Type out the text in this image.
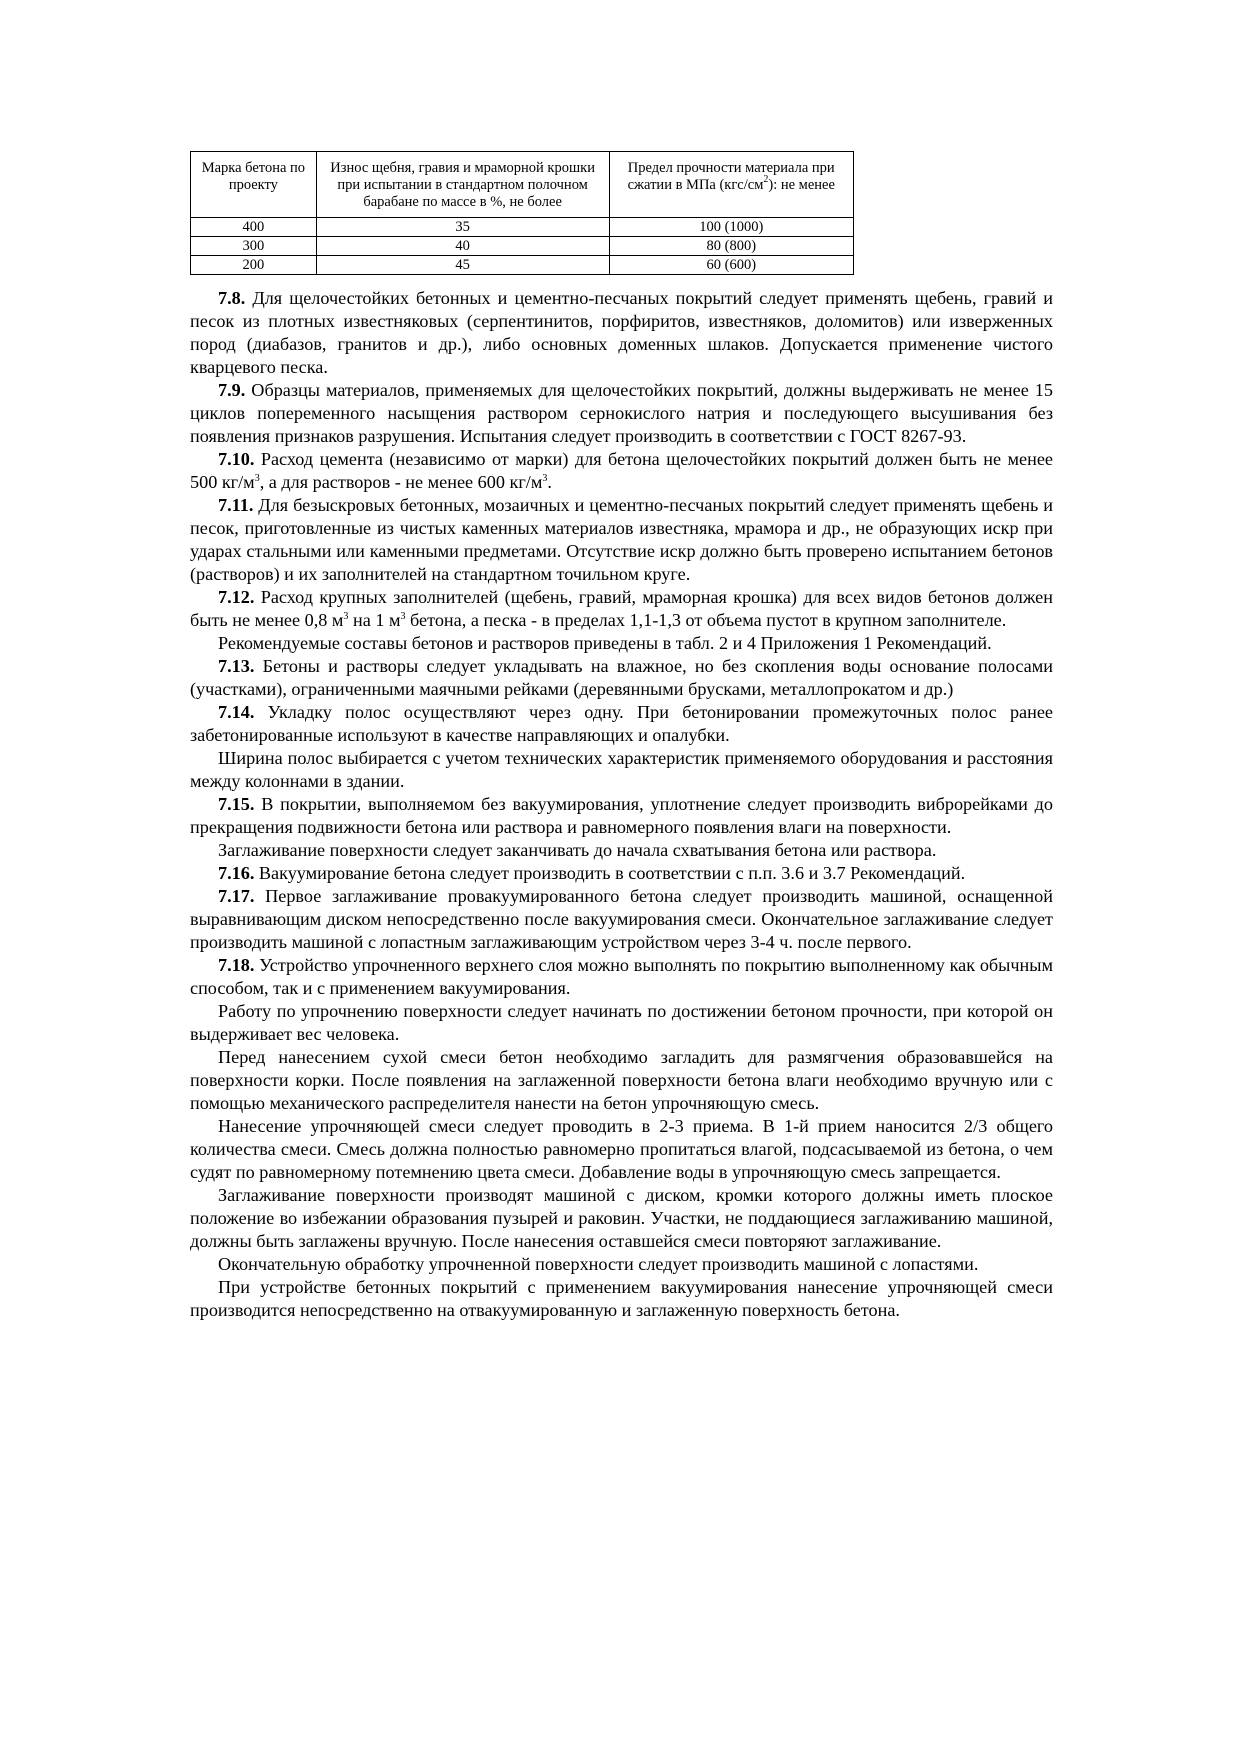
Марка бетона по проекту	Износ щебня, гравия и мраморной крошки при испытании в стандартном полочном барабане по массе в %, не более	Предел прочности материала при сжатии в МПа $(кгс/см^2)$: не менее
400	35	100 (1000)
300	40	80 (800)
200	45	60 (600)

7.8. Для щелочестойких бетонных и цементно-песчаных покрытий следует применять щебень, гравий и песок из плотных известняковых (серпентинитов, порфиритов, известняков, доломитов) или изверженных пород (диабазов, гранитов и др.), либо основных доменных шлаков. Допускается применение чистого кварцевого песка.

7.9. Образцы материалов, применяемых для щелочестойких покрытий, должны выдерживать не менее 15 циклов попеременного насыщения раствором сернокислого натрия и последующего высушивания без появления признаков разрушения. Испытания следует производить в соответствии с ГОСТ 8267-93.

7.10. Расход цемента (независимо от марки) для бетона щелочестойких покрытий должен быть не менее 500 $кг/м^3$, а для растворов - не менее 600 $кг/м^3$.

7.11. Для безыскровых бетонных, мозаичных и цементно-песчаных покрытий следует применять щебень и песок, приготовленные из чистых каменных материалов известняка, мрамора и др., не образующих искр при ударах стальными или каменными предметами. Отсутствие искр должно быть проверено испытанием бетонов (растворов) и их заполнителей на стандартном точильном круге.

7.12. Расход крупных заполнителей (щебень, гравий, мраморная крошка) для всех видов бетонов должен быть не менее 0,8 $м^3$ на 1 $м^3$ бетона, а песка - в пределах 1,1-1,3 от объема пустот в крупном заполнителе.

Рекомендуемые составы бетонов и растворов приведены в табл. 2 и 4 Приложения 1 Рекомендаций.

7.13. Бетоны и растворы следует укладывать на влажное, но без скопления воды основание полосами (участками), ограниченными маячными рейками (деревянными брусками, металлопрокатом и др.)

7.14. Укладку полос осуществляют через одну. При бетонировании промежуточных полос ранее забетонированные используют в качестве направляющих и опалубки.

Ширина полос выбирается с учетом технических характеристик применяемого оборудования и расстояния между колоннами в здании.

7.15. В покрытии, выполняемом без вакуумирования, уплотнение следует производить виброрейками до прекращения подвижности бетона или раствора и равномерного появления влаги на поверхности.

Заглаживание поверхности следует заканчивать до начала схватывания бетона или раствора.

7.16. Вакуумирование бетона следует производить в соответствии с п.п. 3.6 и 3.7 Рекомендаций.

7.17. Первое заглаживание провакуумированного бетона следует производить машиной, оснащенной выравнивающим диском непосредственно после вакуумирования смеси. Окончательное заглаживание следует производить машиной с лопастным заглаживающим устройством через 3-4 ч. после первого.

7.18. Устройство упрочненного верхнего слоя можно выполнять по покрытию выполненному как обычным способом, так и с применением вакуумирования.

Работу по упрочнению поверхности следует начинать по достижении бетоном прочности, при которой он выдерживает вес человека.

Перед нанесением сухой смеси бетон необходимо загладить для размягчения образовавшейся на поверхности корки. После появления на заглаженной поверхности бетона влаги необходимо вручную или с помощью механического распределителя нанести на бетон упрочняющую смесь.

Нанесение упрочняющей смеси следует проводить в 2-3 приема. В 1-й прием наносится 2/3 общего количества смеси. Смесь должна полностью равномерно пропитаться влагой, подсасываемой из бетона, о чем судят по равномерному потемнению цвета смеси. Добавление воды в упрочняющую смесь запрещается.

Заглаживание поверхности производят машиной с диском, кромки которого должны иметь плоское положение во избежании образования пузырей и раковин. Участки, не поддающиеся заглаживанию машиной, должны быть заглажены вручную. После нанесения оставшейся смеси повторяют заглаживание.

Окончательную обработку упрочненной поверхности следует производить машиной с лопастями.

При устройстве бетонных покрытий с применением вакуумирования нанесение упрочняющей смеси производится непосредственно на отвакуумированную и заглаженную поверхность бетона.
